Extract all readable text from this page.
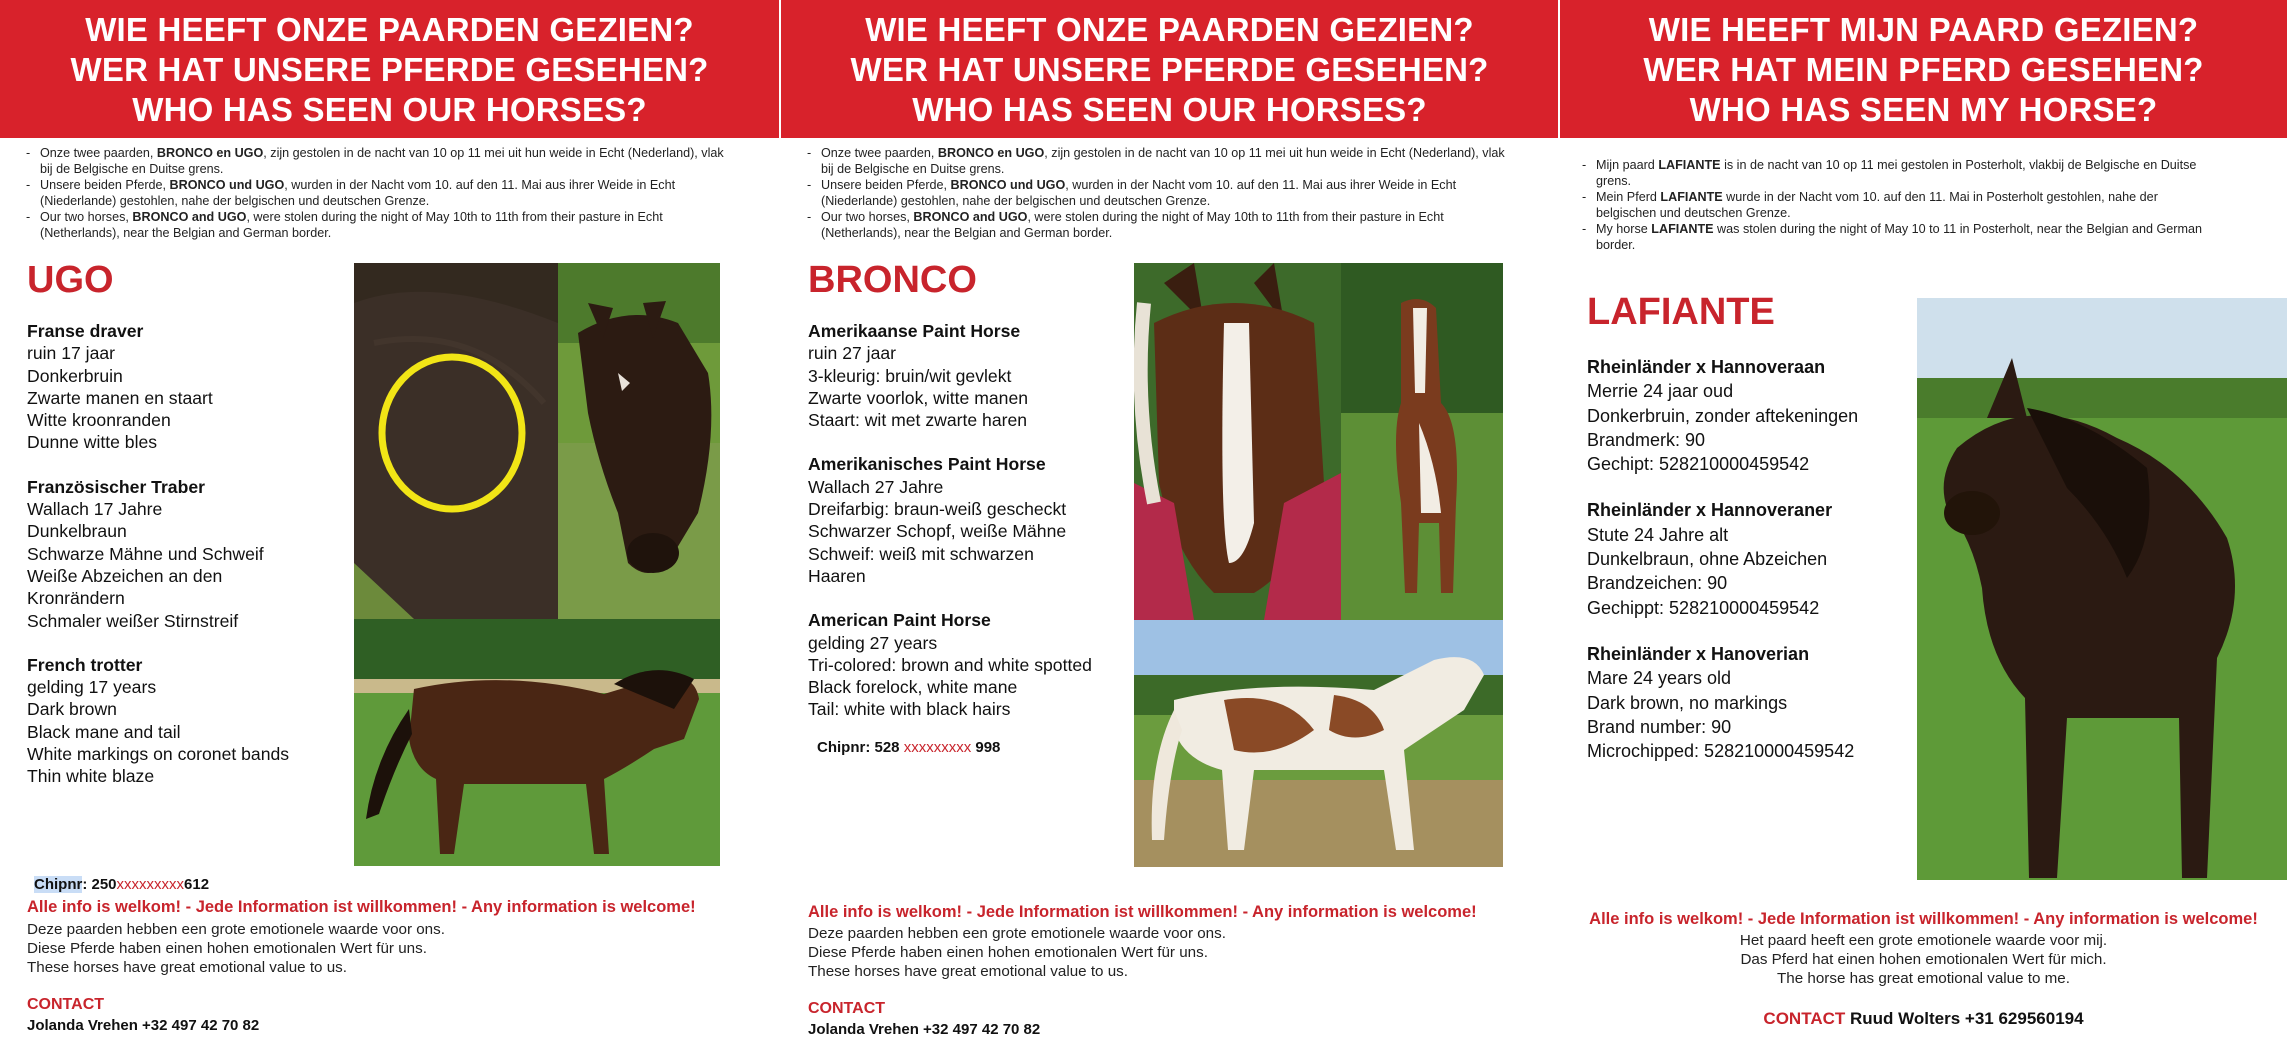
WIE HEEFT ONZE PAARDEN GEZIEN?
WER HAT UNSERE PFERDE GESEHEN?
WHO HAS SEEN OUR HORSES?
- Onze twee paarden, BRONCO en UGO, zijn gestolen in de nacht van 10 op 11 mei uit hun weide in Echt (Nederland), vlak bij de Belgische en Duitse grens.
- Unsere beiden Pferde, BRONCO und UGO, wurden in der Nacht vom 10. auf den 11. Mai aus ihrer Weide in Echt (Niederlande) gestohlen, nahe der belgischen und deutschen Grenze.
- Our two horses, BRONCO and UGO, were stolen during the night of May 10th to 11th from their pasture in Echt (Netherlands), near the Belgian and German border.
UGO
Franse draver
ruin 17 jaar
Donkerbruin
Zwarte manen en staart
Witte kroonranden
Dunne witte bles
Französischer Traber
Wallach 17 Jahre
Dunkelbraun
Schwarze Mähne und Schweif
Weiße Abzeichen an den
Kronrändern
Schmaler weißer Stirnstreif
French trotter
gelding 17 years
Dark brown
Black mane and tail
White markings on coronet bands
Thin white blaze
Chipnr: 250xxxxxxxxx612
Alle info is welkom! - Jede Information ist willkommen! - Any information is welcome!
Deze paarden hebben een grote emotionele waarde voor ons.
Diese Pferde haben einen hohen emotionalen Wert für uns.
These horses have great emotional value to us.
CONTACT
Jolanda Vrehen +32 497 42 70 82
WIE HEEFT ONZE PAARDEN GEZIEN?
WER HAT UNSERE PFERDE GESEHEN?
WHO HAS SEEN OUR HORSES?
- Onze twee paarden, BRONCO en UGO, zijn gestolen in de nacht van 10 op 11 mei uit hun weide in Echt (Nederland), vlak bij de Belgische en Duitse grens.
- Unsere beiden Pferde, BRONCO und UGO, wurden in der Nacht vom 10. auf den 11. Mai aus ihrer Weide in Echt (Niederlande) gestohlen, nahe der belgischen und deutschen Grenze.
- Our two horses, BRONCO and UGO, were stolen during the night of May 10th to 11th from their pasture in Echt (Netherlands), near the Belgian and German border.
BRONCO
Amerikaanse Paint Horse
ruin 27 jaar
3-kleurig: bruin/wit gevlekt
Zwarte voorlok, witte manen
Staart: wit met zwarte haren
Amerikanisches Paint Horse
Wallach 27 Jahre
Dreifarbig: braun-weiß gescheckt
Schwarzer Schopf, weiße Mähne
Schweif: weiß mit schwarzen
Haaren
American Paint Horse
gelding 27 years
Tri-colored: brown and white spotted
Black forelock, white mane
Tail: white with black hairs
Chipnr: 528 xxxxxxxxx 998
Alle info is welkom! - Jede Information ist willkommen! - Any information is welcome!
Deze paarden hebben een grote emotionele waarde voor ons.
Diese Pferde haben einen hohen emotionalen Wert für uns.
These horses have great emotional value to us.
CONTACT
Jolanda Vrehen +32 497 42 70 82
WIE HEEFT MIJN PAARD GEZIEN?
WER HAT MEIN PFERD GESEHEN?
WHO HAS SEEN MY HORSE?
- Mijn paard LAFIANTE is in de nacht van 10 op 11 mei gestolen in Posterholt, vlakbij de Belgische en Duitse grens.
- Mein Pferd LAFIANTE wurde in der Nacht vom 10. auf den 11. Mai in Posterholt gestohlen, nahe der belgischen und deutschen Grenze.
- My horse LAFIANTE was stolen during the night of May 10 to 11 in Posterholt, near the Belgian and German border.
LAFIANTE
Rheinländer x Hannoveraan
Merrie 24 jaar oud
Donkerbruin, zonder aftekeningen
Brandmerk: 90
Gechipt: 528210000459542
Rheinländer x Hannoveraner
Stute 24 Jahre alt
Dunkelbraun, ohne Abzeichen
Brandzeichen: 90
Gechippt: 528210000459542
Rheinländer x Hanoverian
Mare 24 years old
Dark brown, no markings
Brand number: 90
Microchipped: 528210000459542
Alle info is welkom! - Jede Information ist willkommen! - Any information is welcome!
Het paard heeft een grote emotionele waarde voor mij.
Das Pferd hat einen hohen emotionalen Wert für mich.
The horse has great emotional value to me.
CONTACT Ruud Wolters +31 629560194
